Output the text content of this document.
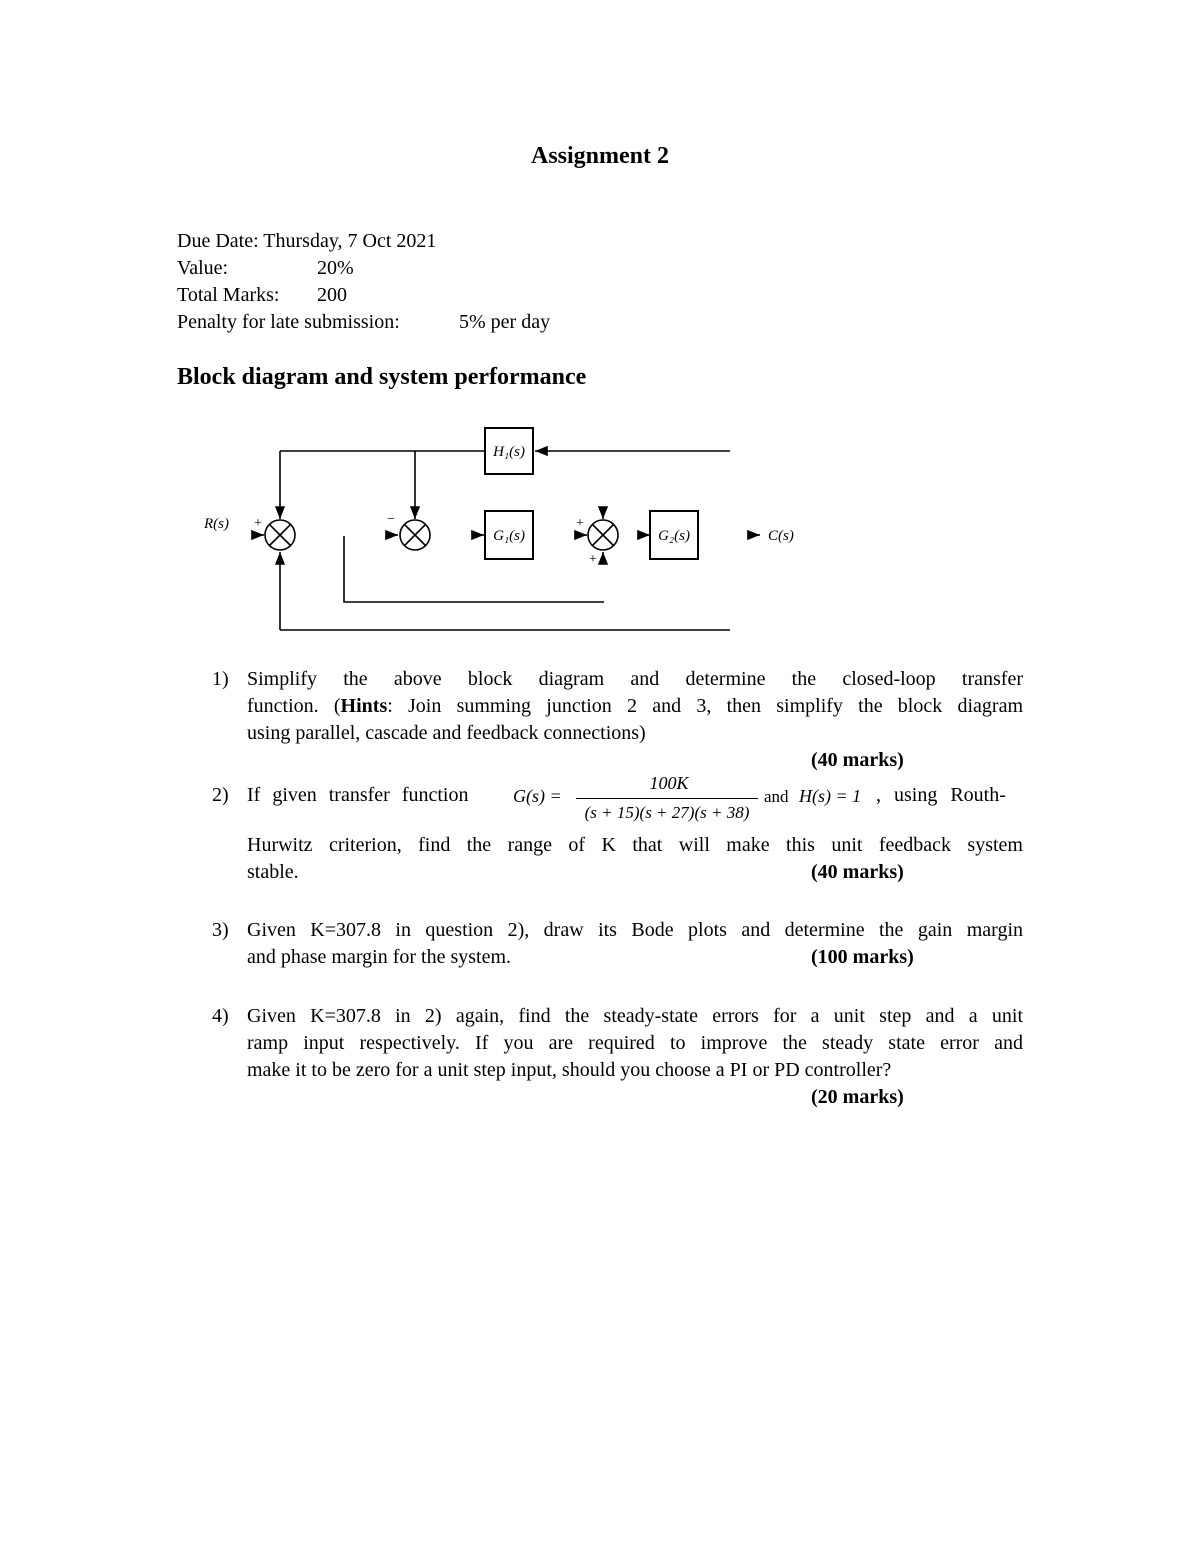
Assignment 2
Due Date: Thursday, 7 Oct 2021
Value:	20%
Total Marks: 200
Penalty for late submission:	5% per day
Block diagram and system performance
H₁(s)
G₁(s)	G₂(s)
R(s)
C(s)
+	−	+
+
1) Simplify the above block diagram and determine the closed-loop transfer
function. (Hints: Join summing junction 2 and 3, then simplify the block diagram
using parallel, cascade and feedback connections)
(40 marks)
2) If given transfer function G(s) =
100K
(s + 15)(s + 27)(s + 38)
and H(s) = 1 , using Routh-
Hurwitz criterion, find the range of K that will make this unit feedback system
stable.	(40 marks)
3) Given K=307.8 in question 2), draw its Bode plots and determine the gain margin
and phase margin for the system.	(100 marks)
4) Given K=307.8 in 2) again, find the steady-state errors for a unit step and a unit
ramp input respectively. If you are required to improve the steady state error and
make it to be zero for a unit step input, should you choose a PI or PD controller?
(20 marks)
